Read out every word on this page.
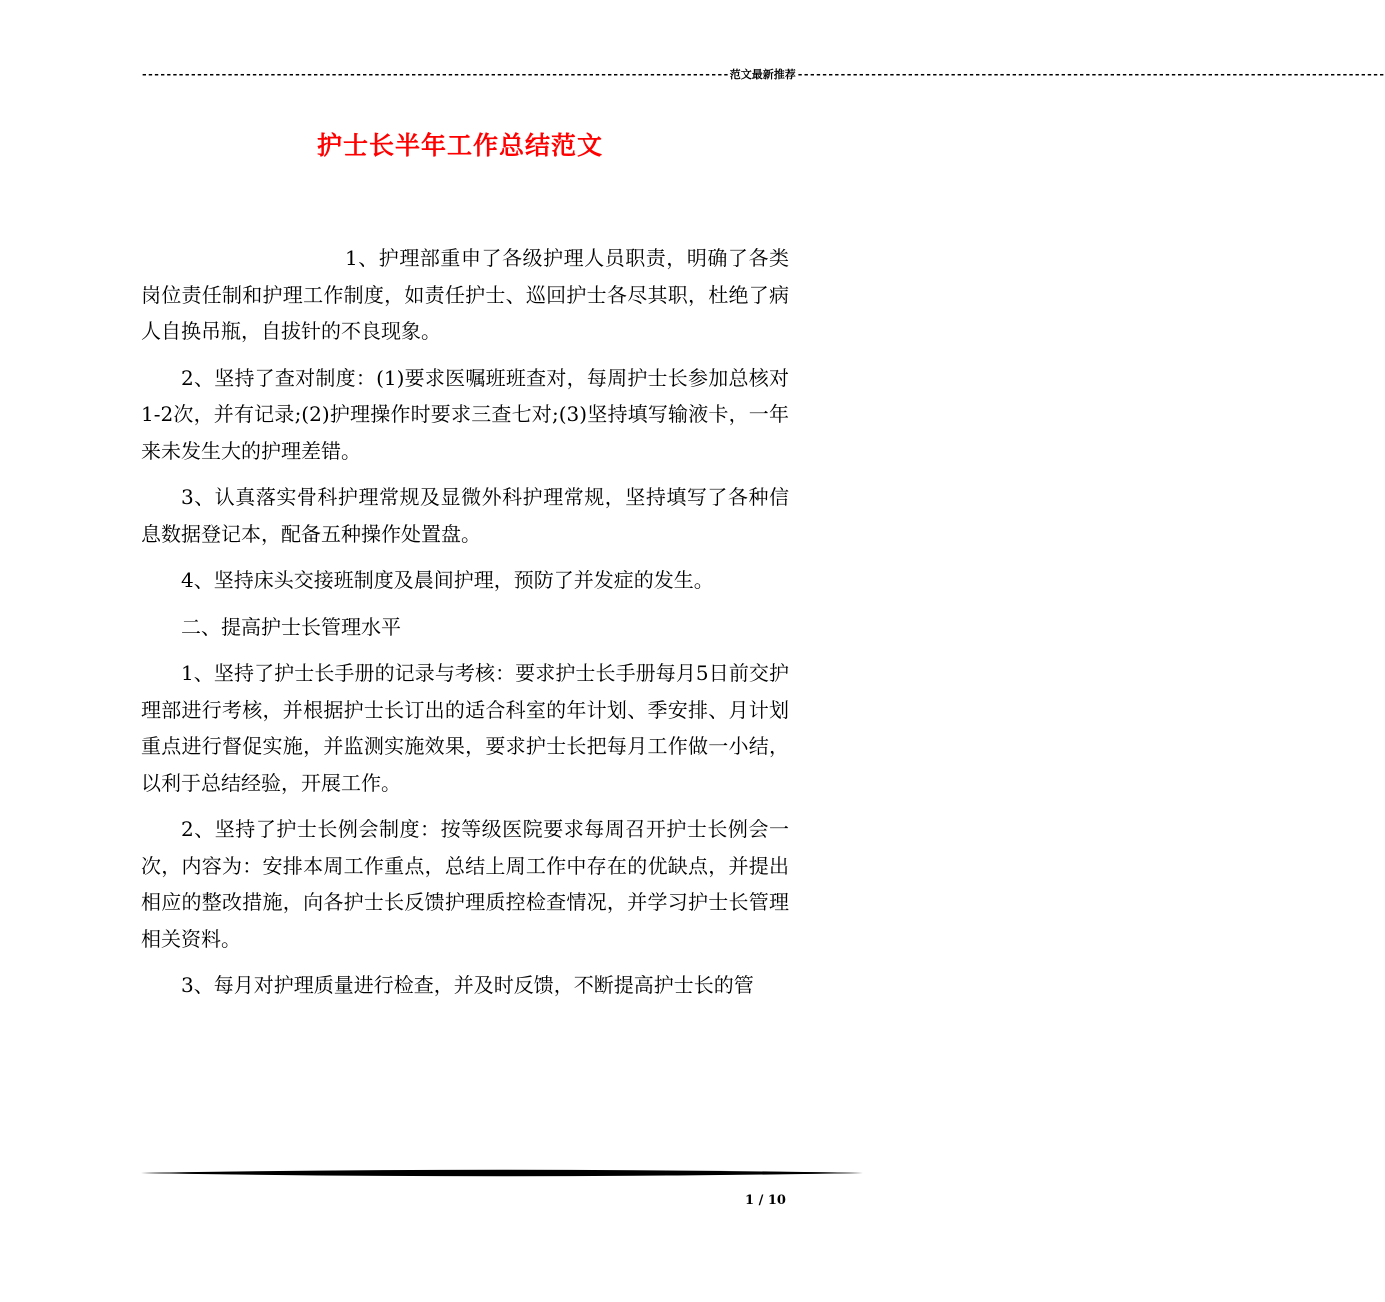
------------------------------------------------------------------------------------------------ 范文最新推荐 ------------------------------------------------------------------------------------------------
护士长半年工作总结范文

1、护理部重申了各级护理人员职责，明确了各类岗位责任制和护理工作制度，如责任护士、巡回护士各尽其职，杜绝了病人自换吊瓶，自拔针的不良现象。

2、坚持了查对制度：(1)要求医嘱班班查对，每周护士长参加总核对1-2次，并有记录;(2)护理操作时要求三查七对;(3)坚持填写输液卡，一年来未发生大的护理差错。

3、认真落实骨科护理常规及显微外科护理常规，坚持填写了各种信息数据登记本，配备五种操作处置盘。

4、坚持床头交接班制度及晨间护理，预防了并发症的发生。

二、提高护士长管理水平

1、坚持了护士长手册的记录与考核：要求护士长手册每月5日前交护理部进行考核，并根据护士长订出的适合科室的年计划、季安排、月计划重点进行督促实施，并监测实施效果，要求护士长把每月工作做一小结，以利于总结经验，开展工作。

2、坚持了护士长例会制度：按等级医院要求每周召开护士长例会一次，内容为：安排本周工作重点，总结上周工作中存在的优缺点，并提出相应的整改措施，向各护士长反馈护理质控检查情况，并学习护士长管理相关资料。

3、每月对护理质量进行检查，并及时反馈，不断提高护士长的管

1 / 10
